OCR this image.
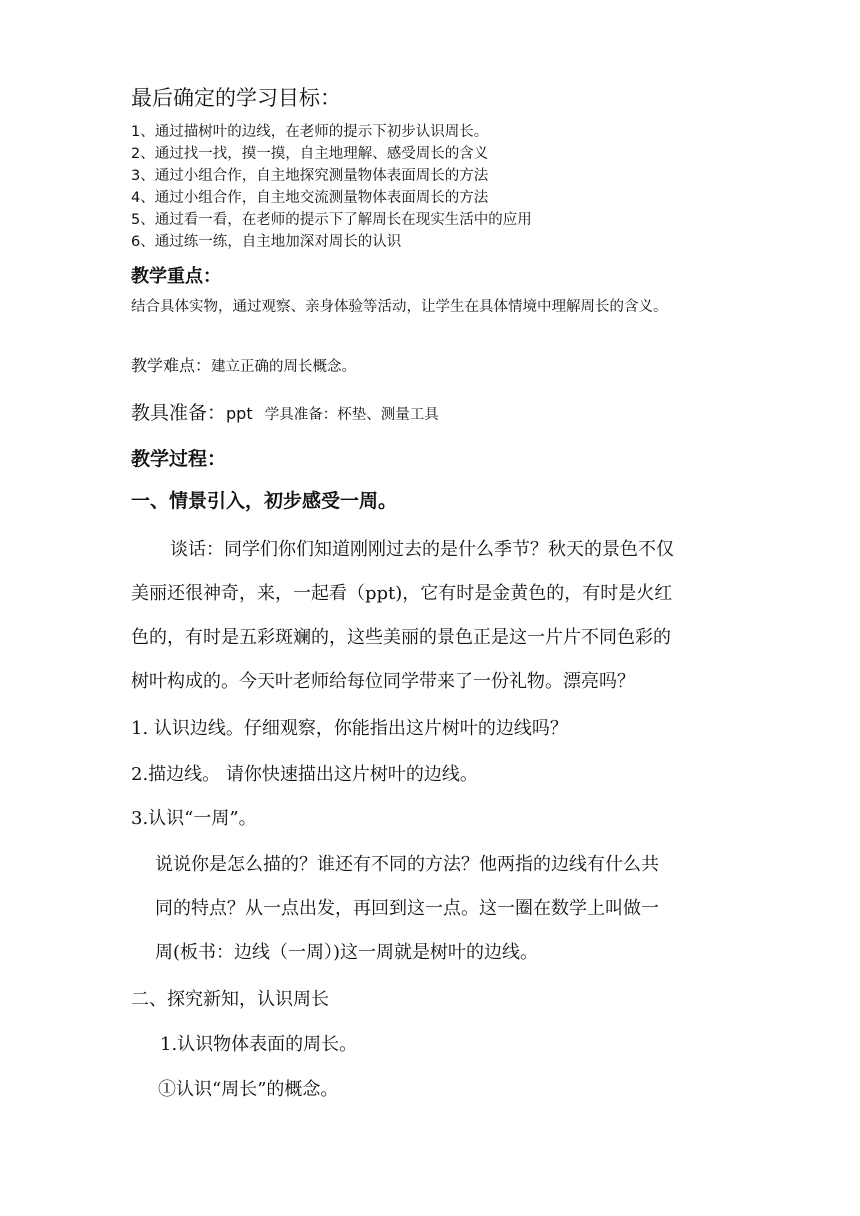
最后确定的学习目标：

1、通过描树叶的边线，在老师的提示下初步认识周长。

2、通过找一找，摸一摸，自主地理解、感受周长的含义

3、通过小组合作，自主地探究测量物体表面周长的方法

4、通过小组合作，自主地交流测量物体表面周长的方法

5、通过看一看，在老师的提示下了解周长在现实生活中的应用

6、通过练一练，自主地加深对周长的认识

教学重点：

结合具体实物，通过观察、亲身体验等活动，让学生在具体情境中理解周长的含义。

教学难点：建立正确的周长概念。

教具准备：ppt 学具准备：杯垫、测量工具

教学过程：

一、情景引入，初步感受一周。

谈话：同学们你们知道刚刚过去的是什么季节？秋天的景色不仅

美丽还很神奇，来，一起看（ppt)，它有时是金黄色的，有时是火红

色的，有时是五彩斑斓的，这些美丽的景色正是这一片片不同色彩的

树叶构成的。今天叶老师给每位同学带来了一份礼物。漂亮吗？

1. 认识边线。仔细观察，你能指出这片树叶的边线吗？

2.描边线。 请你快速描出这片树叶的边线。

3.认识“一周”。

说说你是怎么描的？谁还有不同的方法？他两指的边线有什么共

同的特点？从一点出发，再回到这一点。这一圈在数学上叫做一

周(板书：边线（一周）)这一周就是树叶的边线。

二、探究新知，认识周长

1.认识物体表面的周长。

①认识“周长”的概念。
